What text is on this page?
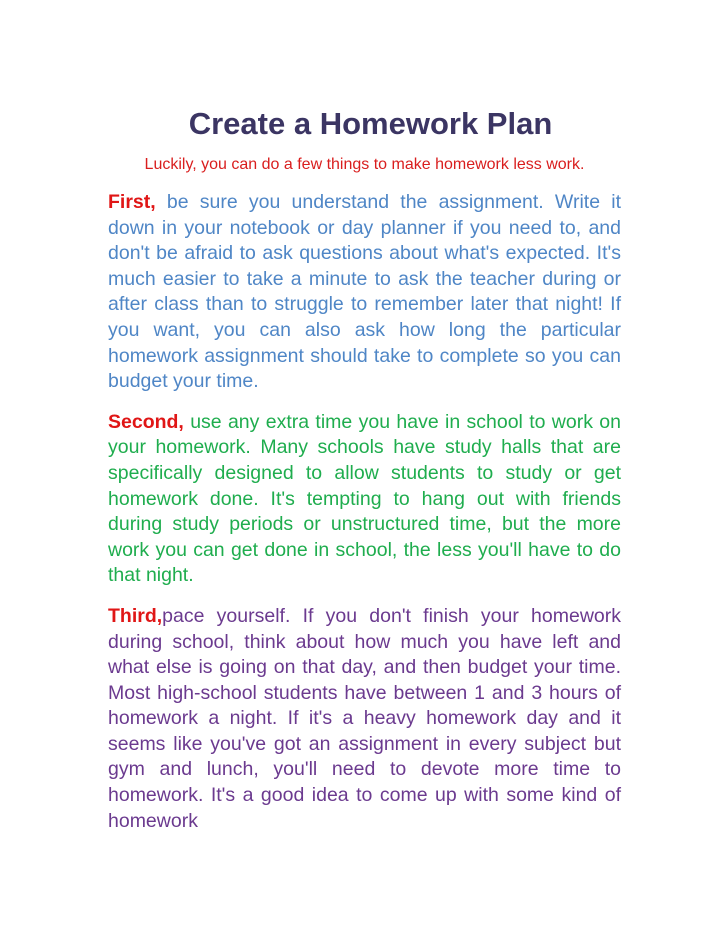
Create a Homework Plan

Luckily, you can do a few things to make homework less work.

First, be sure you understand the assignment. Write it down in your notebook or day planner if you need to, and don't be afraid to ask questions about what's expected. It's much easier to take a minute to ask the teacher during or after class than to struggle to remember later that night! If you want, you can also ask how long the particular homework assignment should take to complete so you can budget your time.

Second, use any extra time you have in school to work on your homework. Many schools have study halls that are specifically designed to allow students to study or get homework done. It's tempting to hang out with friends during study periods or unstructured time, but the more work you can get done in school, the less you'll have to do that night.

Third,pace yourself. If you don't finish your homework during school, think about how much you have left and what else is going on that day, and then budget your time. Most high-school students have between 1 and 3 hours of homework a night. If it's a heavy homework day and it seems like you've got an assignment in every subject but gym and lunch, you'll need to devote more time to homework. It's a good idea to come up with some kind of homework
